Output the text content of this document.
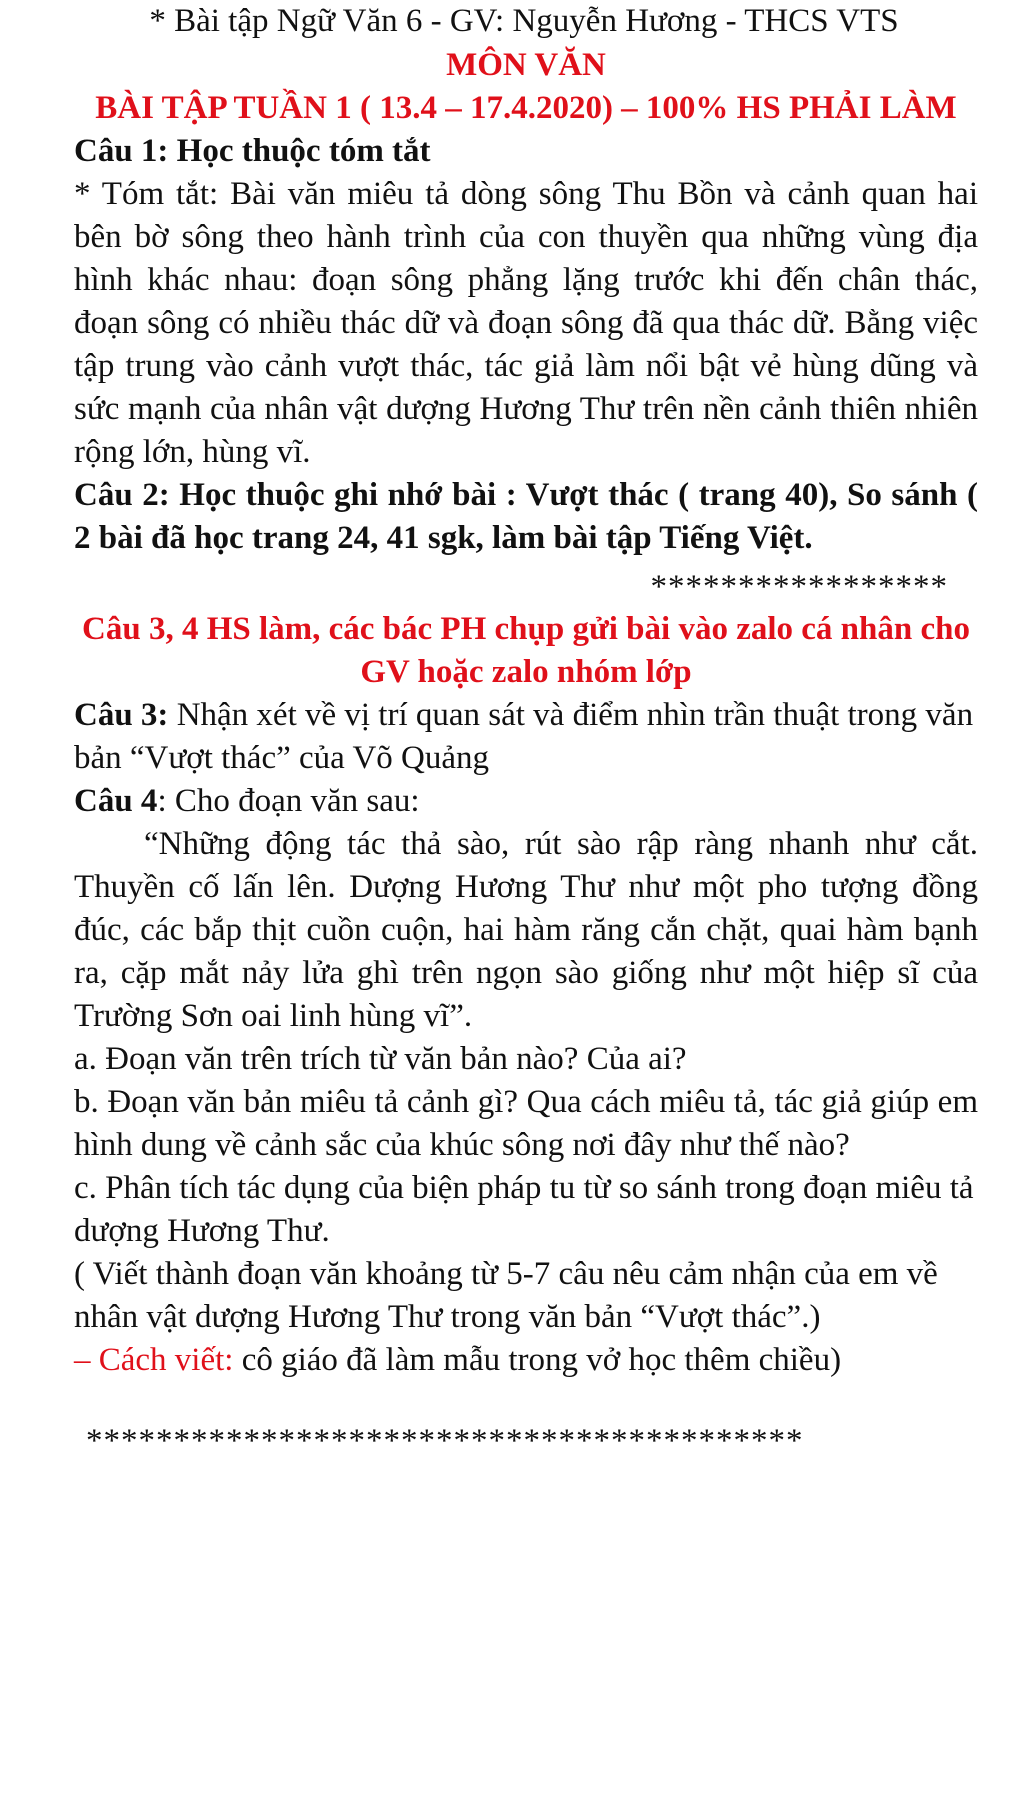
* Bài tập Ngữ Văn 6 - GV: Nguyễn Hương - THCS VTS
MÔN VĂN
BÀI TẬP TUẦN 1 ( 13.4 – 17.4.2020) – 100% HS PHẢI LÀM

Câu 1: Học thuộc tóm tắt

* Tóm tắt: Bài văn miêu tả dòng sông Thu Bồn và cảnh quan hai bên bờ sông theo hành trình của con thuyền qua những vùng địa hình khác nhau: đoạn sông phẳng lặng trước khi đến chân thác, đoạn sông có nhiều thác dữ và đoạn sông đã qua thác dữ. Bằng việc tập trung vào cảnh vượt thác, tác giả làm nổi bật vẻ hùng dũng và sức mạnh của nhân vật dượng Hương Thư trên nền cảnh thiên nhiên rộng lớn, hùng vĩ.

Câu 2: Học thuộc ghi nhớ bài : Vượt thác ( trang 40), So sánh ( 2 bài đã học trang 24, 41 sgk, làm bài tập Tiếng Việt.

*****************
Câu 3, 4 HS làm, các bác PH chụp gửi bài vào zalo cá nhân cho GV hoặc zalo nhóm lớp

Câu 3: Nhận xét về vị trí quan sát và điểm nhìn trần thuật trong văn bản “Vượt thác” của Võ Quảng

Câu 4: Cho đoạn văn sau:

“Những động tác thả sào, rút sào rập ràng nhanh như cắt. Thuyền cố lấn lên. Dượng Hương Thư như một pho tượng đồng đúc, các bắp thịt cuồn cuộn, hai hàm răng cắn chặt, quai hàm bạnh ra, cặp mắt nảy lửa ghì trên ngọn sào giống như một hiệp sĩ của Trường Sơn oai linh hùng vĩ”.

a. Đoạn văn trên trích từ văn bản nào? Của ai?

b. Đoạn văn bản miêu tả cảnh gì? Qua cách miêu tả, tác giả giúp em hình dung về cảnh sắc của khúc sông nơi đây như thế nào?

c. Phân tích tác dụng của biện pháp tu từ so sánh trong đoạn miêu tả dượng Hương Thư.

( Viết thành đoạn văn khoảng từ 5-7 câu nêu cảm nhận của em về nhân vật dượng Hương Thư trong văn bản “Vượt thác”.)

– Cách viết: cô giáo đã làm mẫu trong vở học thêm chiều)

*****************************************
